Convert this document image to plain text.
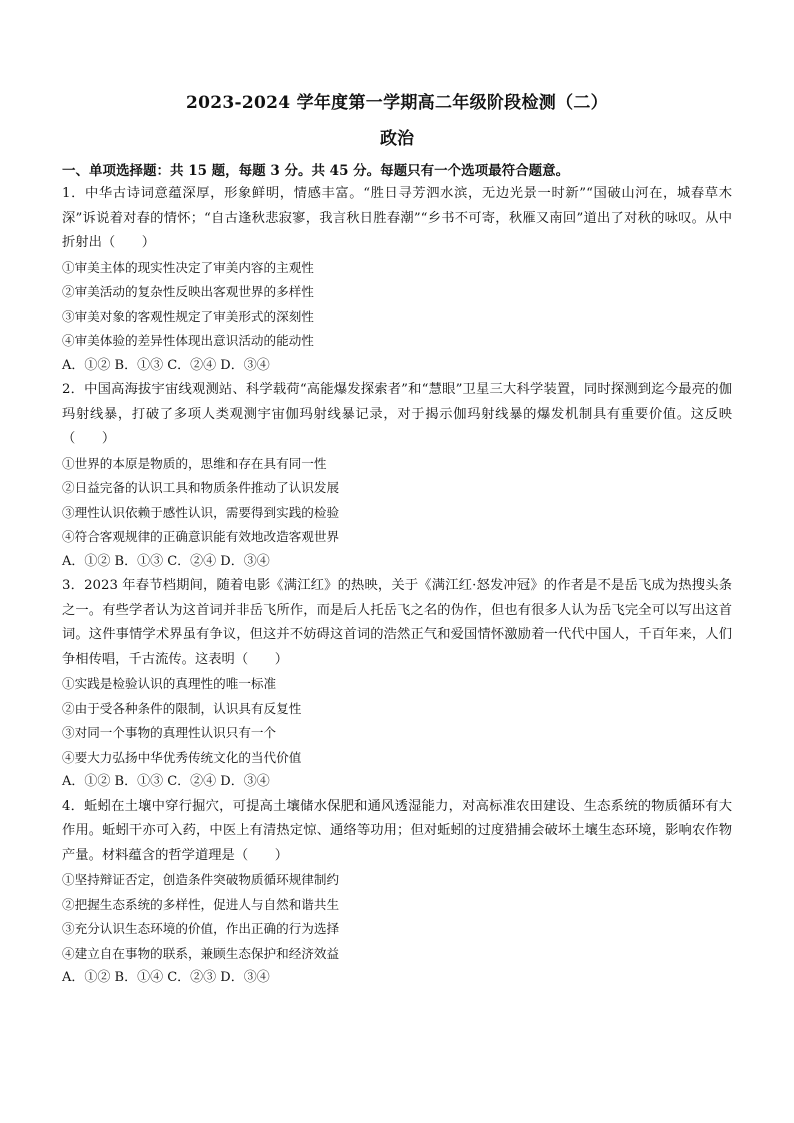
2023-2024 学年度第一学期高二年级阶段检测（二）

政治

一、单项选择题：共 15 题，每题 3 分。共 45 分。每题只有一个选项最符合题意。

1．中华古诗词意蕴深厚，形象鲜明，情感丰富。“胜日寻芳泗水滨，无边光景一时新”“国破山河在，城春草木深”诉说着对春的情怀；“自古逢秋悲寂寥，我言秋日胜春潮”“乡书不可寄，秋雁又南回”道出了对秋的咏叹。从中折射出（　　）

①审美主体的现实性决定了审美内容的主观性

②审美活动的复杂性反映出客观世界的多样性

③审美对象的客观性规定了审美形式的深刻性

④审美体验的差异性体现出意识活动的能动性

A．①② B．①③ C．②④ D．③④

2．中国高海拔宇宙线观测站、科学载荷“高能爆发探索者”和“慧眼”卫星三大科学装置，同时探测到迄今最亮的伽玛射线暴，打破了多项人类观测宇宙伽玛射线暴记录，对于揭示伽玛射线暴的爆发机制具有重要价值。这反映（　　）

①世界的本原是物质的，思维和存在具有同一性

②日益完备的认识工具和物质条件推动了认识发展

③理性认识依赖于感性认识，需要得到实践的检验

④符合客观规律的正确意识能有效地改造客观世界

A．①② B．①③ C．②④ D．③④

3．2023 年春节档期间，随着电影《满江红》的热映，关于《满江红·怒发冲冠》的作者是不是岳飞成为热搜头条之一。有些学者认为这首词并非岳飞所作，而是后人托岳飞之名的伪作，但也有很多人认为岳飞完全可以写出这首词。这件事情学术界虽有争议，但这并不妨碍这首词的浩然正气和爱国情怀激励着一代代中国人，千百年来，人们争相传唱，千古流传。这表明（　　）

①实践是检验认识的真理性的唯一标准

②由于受各种条件的限制，认识具有反复性

③对同一个事物的真理性认识只有一个

④要大力弘扬中华优秀传统文化的当代价值

A．①② B．①③ C．②④ D．③④

4．蚯蚓在土壤中穿行掘穴，可提高土壤储水保肥和通风透湿能力，对高标准农田建设、生态系统的物质循环有大作用。蚯蚓干亦可入药，中医上有清热定惊、通络等功用；但对蚯蚓的过度猎捕会破坏土壤生态环境，影响农作物产量。材料蕴含的哲学道理是（　　）

①坚持辩证否定，创造条件突破物质循环规律制约

②把握生态系统的多样性，促进人与自然和谐共生

③充分认识生态环境的价值，作出正确的行为选择

④建立自在事物的联系，兼顾生态保护和经济效益

A．①② B．①④ C．②③ D．③④
